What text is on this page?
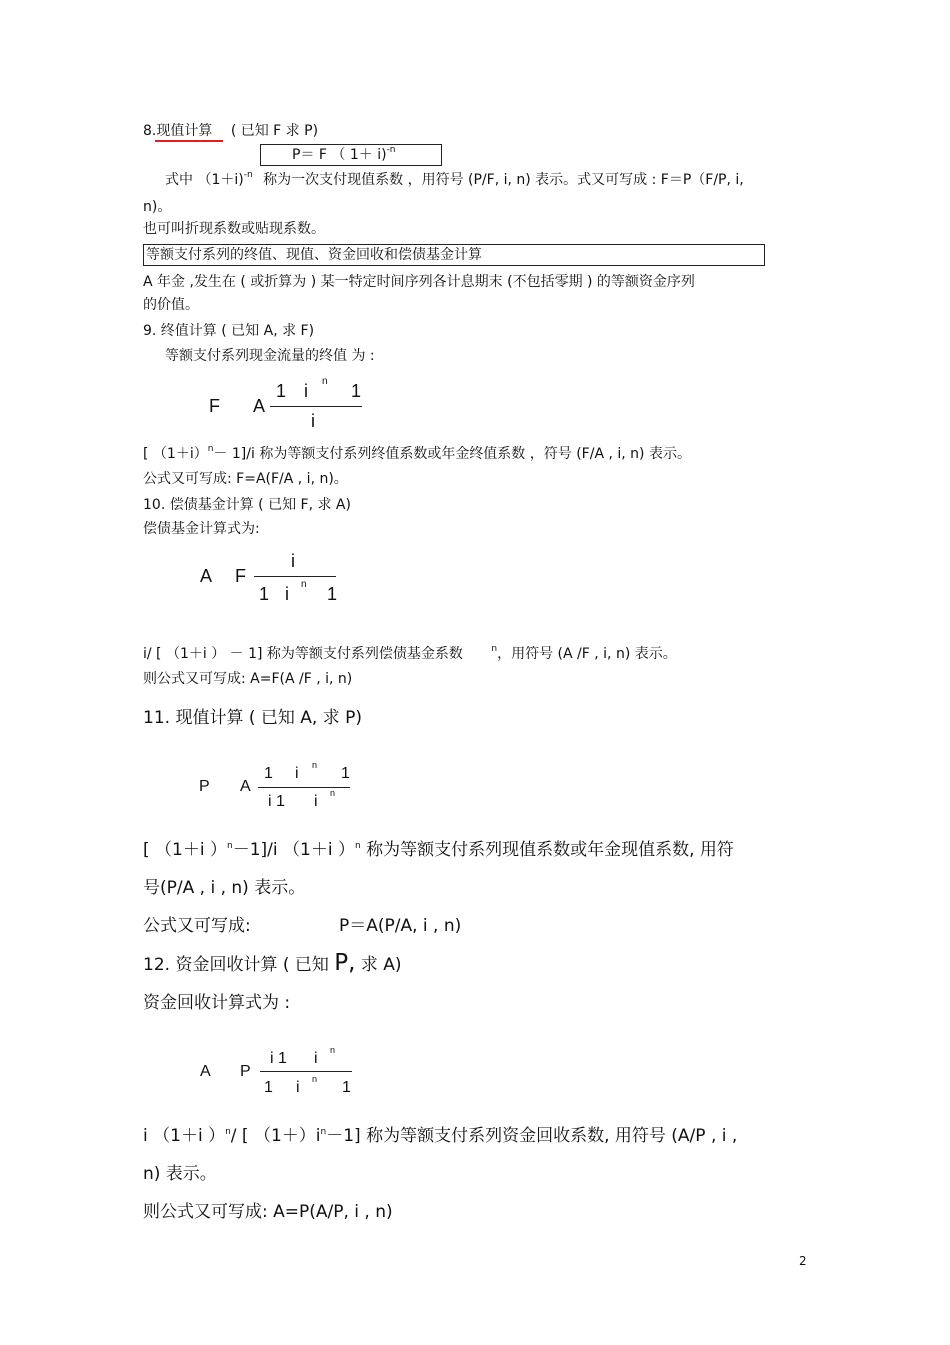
8.现值计算 ( 已知 F 求 P)
P＝ F （ 1＋ i)$^{-n}$
式中 （1＋i)$^{-n}$ 称为一次支付现值系数 ，用符号 (P/F, i, n) 表示。式又可写成 : F＝P（F/P, i,
n)。
也可叫折现系数或贴现系数。
等额支付系列的终值、现值、资金回收和偿债基金计算
A 年金 ,发生在 ( 或折算为 ) 某一特定时间序列各计息期末 (不包括零期 ) 的等额资金序列
的价值。
9. 终值计算 ( 已知 A, 求 F)
等额支付系列现金流量的终值 为 :
F A
1 i n 1
i
[ $(1+i)^n- 1]/i$ 称为等额支付系列终值系数或年金终值系数 ，符号 (F/A , i, n) 表示。
公式又可写成: F=A(F/A , i, n)。
10. 偿债基金计算 ( 已知 F, 求 A)
偿债基金计算式为:
A F
i
1 i n 1
i/ [ （1＋i ） － 1] 称为等额支付系列偿债基金系数	$^n$，用符号 (A /F , i, n) 表示。
则公式又可写成: A=F(A /F , i, n)
11. 现值计算 ( 已知 A, 求 P)
P A
1 i n 1
i 1 i n
[ （1＋i ）$^n$－1]/i （1＋i ）$^n$ 称为等额支付系列现值系数或年金现值系数, 用符
号(P/A , i , n) 表示。
公式又可写成:	P＝A(P/A, i , n)
12. 资金回收计算 ( 已知 P, 求 A)
资金回收计算式为 :
A P
i 1 i n
1 i n 1
i （1＋i ）$^n$/ [ $(1+)i^n-1$] 称为等额支付系列资金回收系数, 用符号 (A/P , i ,
n) 表示。
则公式又可写成: A=P(A/P, i , n)
2
